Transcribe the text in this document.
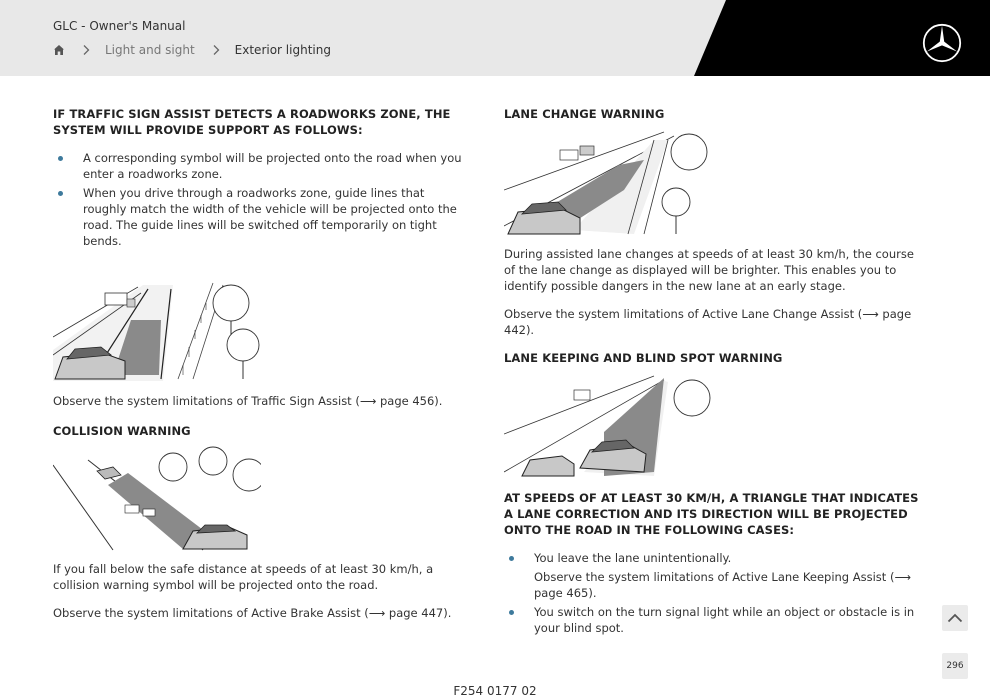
GLC - Owner's Manual
Light and sight	Exterior lighting
IF TRAFFIC SIGN ASSIST DETECTS A ROADWORKS ZONE, THE SYSTEM WILL PROVIDE SUPPORT AS FOLLOWS:
A corresponding symbol will be projected onto the road when you enter a roadworks zone.
When you drive through a roadworks zone, guide lines that roughly match the width of the vehicle will be projected onto the road. The guide lines will be switched off temporarily on tight bends.
Observe the system limitations of Traffic Sign Assist (⟶ page 456).
COLLISION WARNING
If you fall below the safe distance at speeds of at least 30 km/h, a collision warning symbol will be projected onto the road.
Observe the system limitations of Active Brake Assist (⟶ page 447).
LANE CHANGE WARNING
During assisted lane changes at speeds of at least 30 km/h, the course of the lane change as displayed will be brighter. This enables you to identify possible dangers in the new lane at an early stage.
Observe the system limitations of Active Lane Change Assist (⟶ page 442).
LANE KEEPING AND BLIND SPOT WARNING
AT SPEEDS OF AT LEAST 30 KM/H, A TRIANGLE THAT INDICATES A LANE CORRECTION AND ITS DIRECTION WILL BE PROJECTED ONTO THE ROAD IN THE FOLLOWING CASES:
You leave the lane unintentionally.
Observe the system limitations of Active Lane Keeping Assist (⟶ page 465).
You switch on the turn signal light while an object or obstacle is in your blind spot.
296
F254 0177 02
